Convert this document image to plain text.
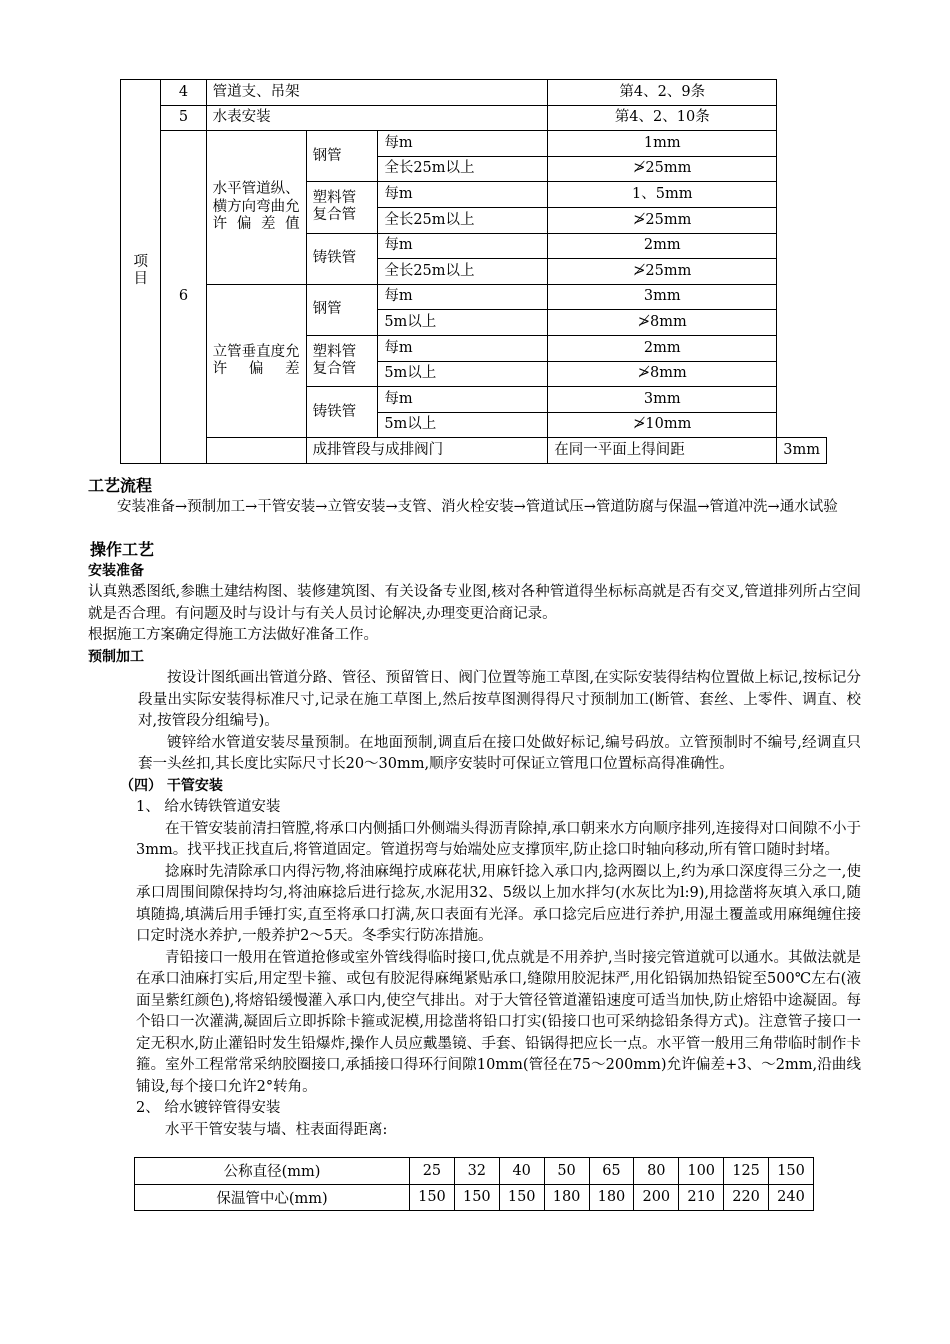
项
目	4	管道支、吊架			第4、2、9条	
	5	水表安装			第4、2、10条	
	6	水平管道纵、横方向弯曲允许偏差值	钢管	每m	1mm	
				全长25m以上	≯25mm	
			塑料管
复合管	每m	1、5mm	
				全长25m以上	≯25mm	
			铸铁管	每m	2mm	
				全长25m以上	≯25mm	
		立管垂直度允许偏差	钢管	每m	3mm	
				5m以上	≯8mm	
			塑料管
复合管	每m	2mm	
				5m以上	≯8mm	
			铸铁管	每m	3mm	
				5m以上	≯10mm	
			成排管段与成排阀门		在同一平面上得间距	3mm
工艺流程
安装准备→预制加工→干管安装→立管安装→支管、消火栓安装→管道试压→管道防腐与保温→管道冲洗→通水试验
操作工艺
安装准备
认真熟悉图纸,参瞧土建结构图、装修建筑图、有关设备专业图,核对各种管道得坐标标高就是否有交叉,管道排列所占空间就是否合理。有问题及时与设计与有关人员讨论解决,办理变更洽商记录。
根据施工方案确定得施工方法做好准备工作。
预制加工
按设计图纸画出管道分路、管径、预留管日、阀门位置等施工草图,在实际安装得结构位置做上标记,按标记分段量出实际安装得标准尺寸,记录在施工草图上,然后按草图测得得尺寸预制加工(断管、套丝、上零件、调直、校对,按管段分组编号)。
镀锌给水管道安装尽量预制。在地面预制,调直后在接口处做好标记,编号码放。立管预制时不编号,经调直只套一头丝扣,其长度比实际尺寸长20～30mm,顺序安装时可保证立管甩口位置标高得准确性。
（四） 干管安装
1、 给水铸铁管道安装
在干管安装前清扫管膛,将承口内侧插口外侧端头得沥青除掉,承口朝来水方向顺序排列,连接得对口间隙不小于3mm。找平找正找直后,将管道固定。管道拐弯与始端处应支撑顶牢,防止捻口时轴向移动,所有管口随时封堵。
捻麻时先清除承口内得污物,将油麻绳拧成麻花状,用麻钎捻入承口内,捻两圈以上,约为承口深度得三分之一,使承口周围间隙保持均匀,将油麻捻后进行捻灰,水泥用32、5级以上加水拌匀(水灰比为l:9),用捻凿将灰填入承口,随填随捣,填满后用手锤打实,直至将承口打满,灰口表面有光泽。承口捻完后应进行养护,用湿土覆盖或用麻绳缠住接口定时浇水养护,一般养护2～5天。冬季实行防冻措施。
青铅接口一般用在管道抢修或室外管线得临时接口,优点就是不用养护,当时接完管道就可以通水。其做法就是在承口油麻打实后,用定型卡箍、或包有胶泥得麻绳紧贴承口,缝隙用胶泥抹严,用化铅锅加热铅锭至500℃左右(液面呈紫红颜色),将熔铅缓慢灌入承口内,使空气排出。对于大管径管道灌铅速度可适当加快,防止熔铅中途凝固。每个铅口一次灌满,凝固后立即拆除卡箍或泥模,用捻凿将铅口打实(铅接口也可采纳捻铅条得方式)。注意管子接口一定无积水,防止灌铅时发生铅爆炸,操作人员应戴墨镜、手套、铅锅得把应长一点。水平管一般用三角带临时制作卡箍。室外工程常常采纳胶圈接口,承插接口得环行间隙10mm(管径在75～200mm)允许偏差+3、～2mm,沿曲线铺设,每个接口允许2°转角。
2、 给水镀锌管得安装
水平干管安装与墙、柱表面得距离:
公称直径(mm)	25	32	40	50	65	80	100	125	150
保温管中心(mm)	150	150	150	180	180	200	210	220	240
